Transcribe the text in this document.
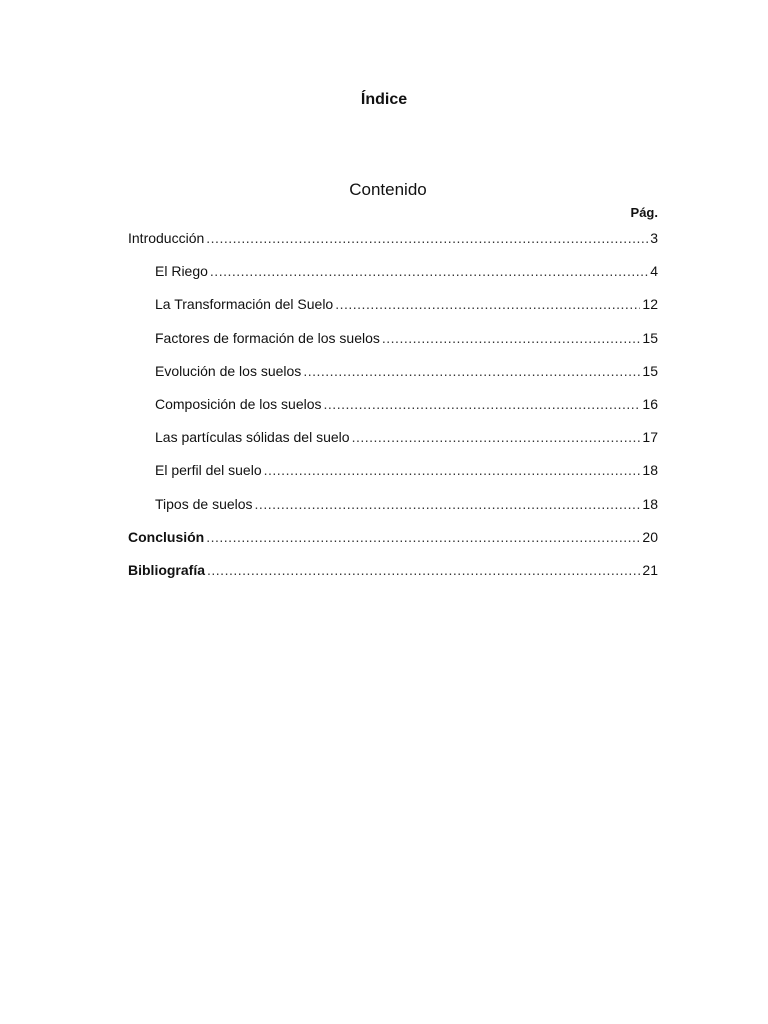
Índice
Contenido
Pág.
Introducción .....	3
El Riego .....	4
La Transformación del Suelo .....	12
Factores de formación de los suelos .....	15
Evolución de los suelos .....	15
Composición de los suelos .....	16
Las partículas sólidas del suelo .....	17
El perfil del suelo .....	18
Tipos de suelos .....	18
Conclusión .....	20
Bibliografía .....	21
